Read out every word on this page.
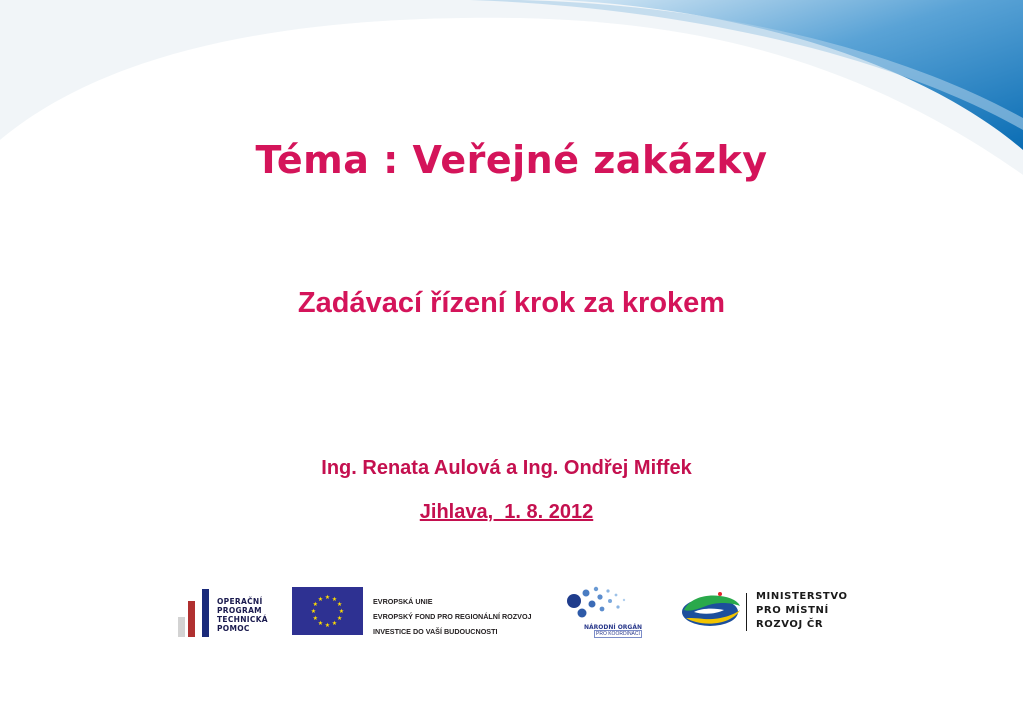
Téma : Veřejné zakázky
Zadávací řízení krok za krokem
Ing. Renata Aulová a Ing. Ondřej Miffek
Jihlava,  1. 8. 2012
OPERAČNÍ
PROGRAM
TECHNICKÁ
POMOC
★ ★
★
★
★
★
★
★
★
★
★
★	EVROPSKÁ UNIE
EVROPSKÝ FOND PRO REGIONÁLNÍ ROZVOJ
INVESTICE DO VAŠÍ BUDOUCNOSTI	NÁRODNÍ ORGÁN
PRO KOORDINACI
MINISTERSTVO
PRO MÍSTNÍ
ROZVOJ ČR
